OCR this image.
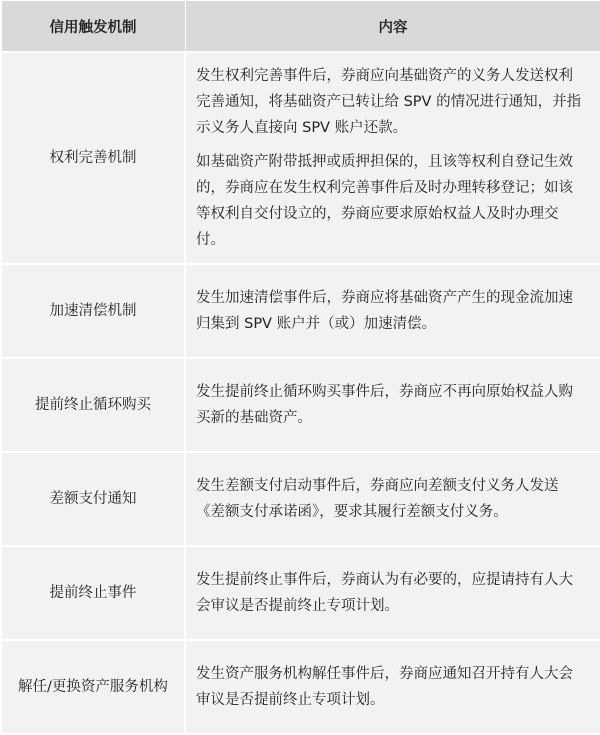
信用触发机制	内容
权利完善机制	发生权利完善事件后，券商应向基础资产的义务人发送权利完善通知，将基础资产已转让给 SPV 的情况进行通知，并指示义务人直接向 SPV 账户还款。

如基础资产附带抵押或质押担保的，且该等权利自登记生效的，券商应在发生权利完善事件后及时办理转移登记；如该等权利自交付设立的，券商应要求原始权益人及时办理交付。

加速清偿机制	发生加速清偿事件后，券商应将基础资产产生的现金流加速归集到 SPV 账户并（或）加速清偿。

提前终止循环购买	发生提前终止循环购买事件后，券商应不再向原始权益人购买新的基础资产。

差额支付通知	发生差额支付启动事件后，券商应向差额支付义务人发送《差额支付承诺函》，要求其履行差额支付义务。

提前终止事件	发生提前终止事件后，券商认为有必要的，应提请持有人大会审议是否提前终止专项计划。

解任/更换资产服务机构	发生资产服务机构解任事件后，券商应通知召开持有人大会审议是否提前终止专项计划。
